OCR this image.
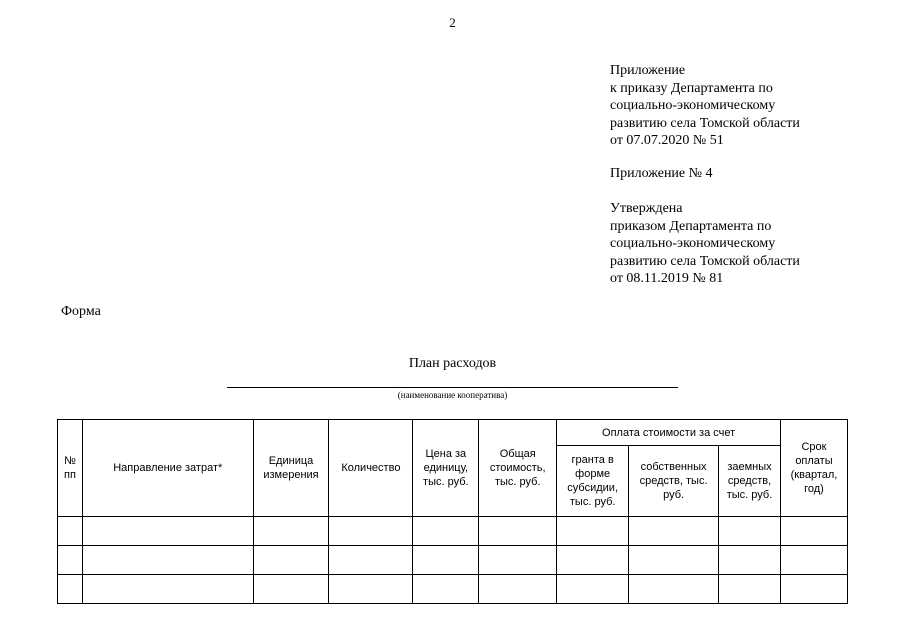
2
Приложение
к приказу Департамента по
социально-экономическому
развитию села Томской области
от 07.07.2020 № 51
Приложение № 4
Утверждена
приказом Департамента по
социально-экономическому
развитию села Томской области
от 08.11.2019 № 81
Форма
План расходов
(наименование кооператива)
№ пп	Направление затрат*	Единица измерения	Количество	Цена за единицу, тыс. руб.	Общая стоимость, тыс. руб.	Оплата стоимости за счет			Срок оплаты (квартал, год)
						гранта в форме субсидии, тыс. руб.	собственных средств, тыс. руб.	заемных средств, тыс. руб.	
